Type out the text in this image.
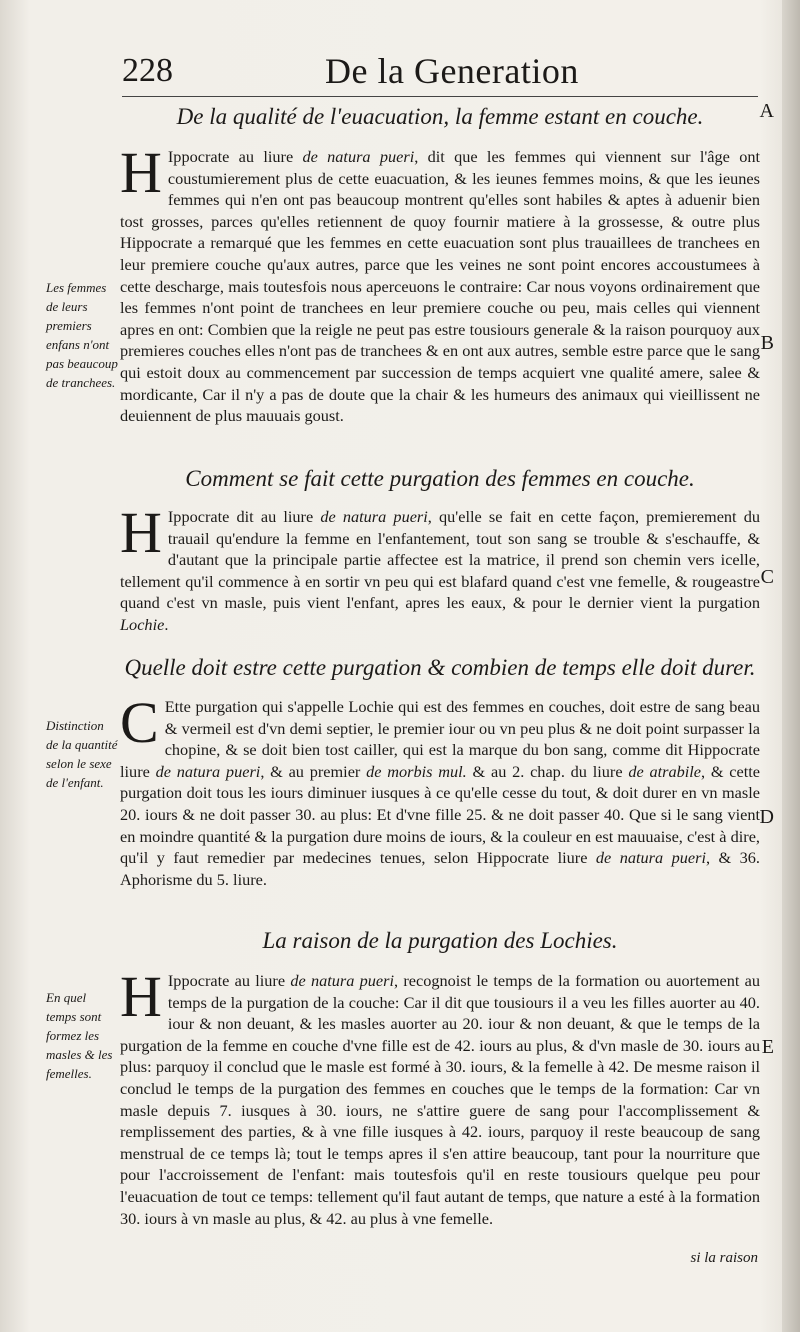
228	De la Generation
De la qualité de l'euacuation, la femme estant en couche.

H Ippocrate au liure de natura pueri, dit que les femmes qui viennent sur l'âge ont coustumierement plus de cette euacuation, & les ieunes femmes moins, & que les ieunes femmes qui n'en ont pas beaucoup montrent qu'elles sont habiles & aptes à aduenir bien tost grosses, parces qu'elles retiennent de quoy fournir matiere à la grossesse, & outre plus Hippocrate a remarqué que les femmes en cette euacuation sont plus trauaillees de tranchees en leur premiere couche qu'aux autres, parce que les veines ne sont point encores accoustumees à cette descharge, mais toutesfois nous aperceuons le contraire: Car nous voyons ordinairement que les femmes n'ont point de tranchees en leur premiere couche ou peu, mais celles qui viennent apres en ont: Combien que la reigle ne peut pas estre tousiours generale & la raison pourquoy aux premieres couches elles n'ont pas de tranchees & en ont aux autres, semble estre parce que le sang qui estoit doux au commencement par succession de temps acquiert vne qualité amere, salee & mordicante, Car il n'y a pas de doute que la chair & les humeurs des animaux qui vieillissent ne deuiennent de plus mauuais goust.

Comment se fait cette purgation des femmes en couche.

H Ippocrate dit au liure de natura pueri, qu'elle se fait en cette façon, premierement du trauail qu'endure la femme en l'enfantement, tout son sang se trouble & s'eschauffe, & d'autant que la principale partie affectee est la matrice, il prend son chemin vers icelle, tellement qu'il commence à en sortir vn peu qui est blafard quand c'est vne femelle, & rougeastre quand c'est vn masle, puis vient l'enfant, apres les eaux, & pour le dernier vient la purgation Lochie.

Quelle doit estre cette purgation & combien de temps elle doit durer.

C Ette purgation qui s'appelle Lochie qui est des femmes en couches, doit estre de sang beau & vermeil est d'vn demi septier, le premier iour ou vn peu plus & ne doit point surpasser la chopine, & se doit bien tost cailler, qui est la marque du bon sang, comme dit Hippocrate liure de natura pueri, & au premier de morbis mul. & au 2. chap. du liure de atrabile, & cette purgation doit tous les iours diminuer iusques à ce qu'elle cesse du tout, & doit durer en vn masle 20. iours & ne doit passer 30. au plus: Et d'vne fille 25. & ne doit passer 40. Que si le sang vient en moindre quantité & la purgation dure moins de iours, & la couleur en est mauuaise, c'est à dire, qu'il y faut remedier par medecines tenues, selon Hippocrate liure de natura pueri, & 36. Aphorisme du 5. liure.

La raison de la purgation des Lochies.

H Ippocrate au liure de natura pueri, recognoist le temps de la formation ou auortement au temps de la purgation de la couche: Car il dit que tousiours il a veu les filles auorter au 40. iour & non deuant, & les masles auorter au 20. iour & non deuant, & que le temps de la purgation de la femme en couche d'vne fille est de 42. iours au plus, & d'vn masle de 30. iours au plus: parquoy il conclud que le masle est formé à 30. iours, & la femelle à 42. De mesme raison il conclud le temps de la purgation des femmes en couches que le temps de la formation: Car vn masle depuis 7. iusques à 30. iours, ne s'attire guere de sang pour l'accomplissement & remplissement des parties, & à vne fille iusques à 42. iours, parquoy il reste beaucoup de sang menstrual de ce temps là; tout le temps apres il s'en attire beaucoup, tant pour la nourriture que pour l'accroissement de l'enfant: mais toutesfois qu'il en reste tousiours quelque peu pour l'euacuation de tout ce temps: tellement qu'il faut autant de temps, que nature a esté à la formation 30. iours à vn masle au plus, & 42. au plus à vne femelle.

Les femmes de leurs premiers enfans n'ont pas beaucoup de tranchees.

Distinction de la quantité selon le sexe de l'enfant.

En quel temps sont formez les masles & les femelles.

A
B
C
D
E
si la raison
